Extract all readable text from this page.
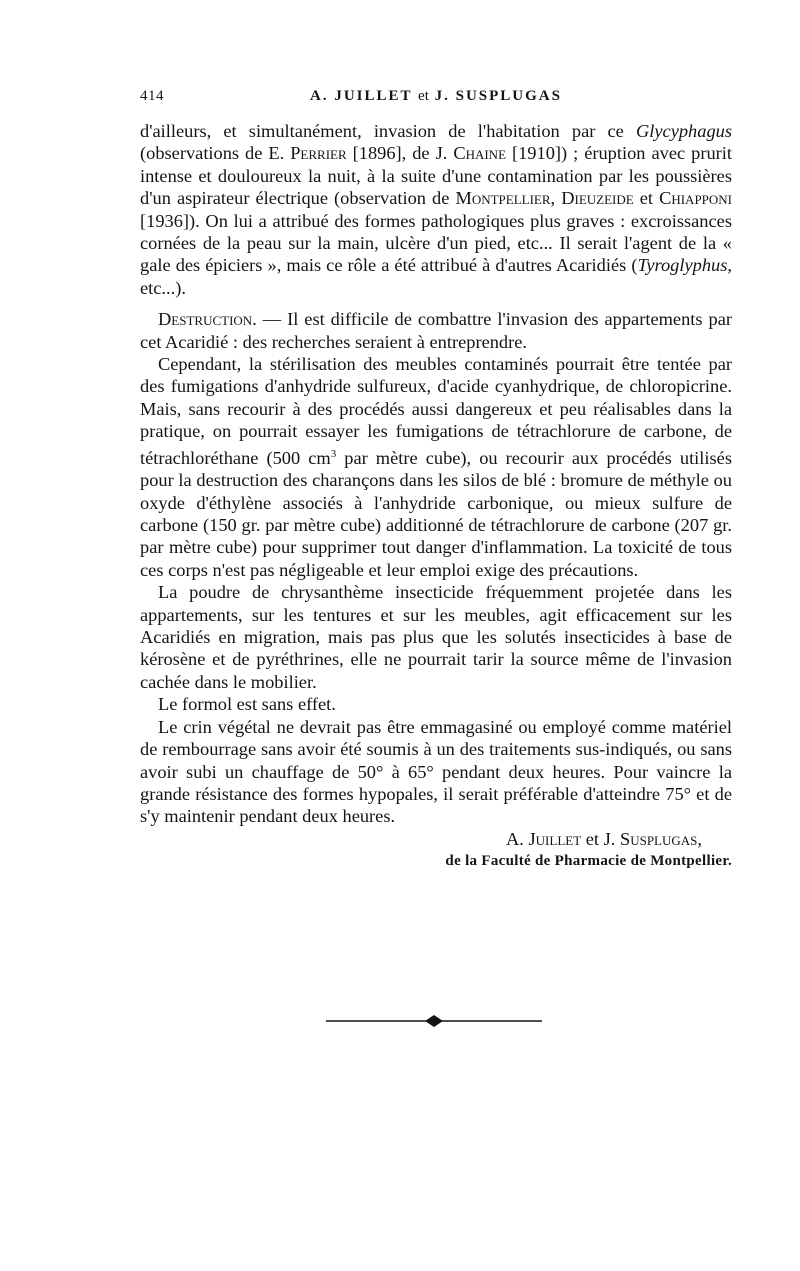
414	A. JUILLET et J. SUSPLUGAS

d'ailleurs, et simultanément, invasion de l'habitation par ce Glycyphagus (observations de E. Perrier [1896], de J. Chaine [1910]) ; éruption avec prurit intense et douloureux la nuit, à la suite d'une contamination par les poussières d'un aspirateur électrique (observation de Montpellier, Dieuzeide et Chiapponi [1936]). On lui a attribué des formes pathologiques plus graves : excroissances cornées de la peau sur la main, ulcère d'un pied, etc... Il serait l'agent de la « gale des épiciers », mais ce rôle a été attribué à d'autres Acaridiés (Tyroglyphus, etc...).

Destruction. — Il est difficile de combattre l'invasion des appartements par cet Acaridié : des recherches seraient à entreprendre.

Cependant, la stérilisation des meubles contaminés pourrait être tentée par des fumigations d'anhydride sulfureux, d'acide cyanhydrique, de chloropicrine. Mais, sans recourir à des procédés aussi dangereux et peu réalisables dans la pratique, on pourrait essayer les fumigations de tétrachlorure de carbone, de tétrachloréthane (500 $cm^3$ par mètre cube), ou recourir aux procédés utilisés pour la destruction des charançons dans les silos de blé : bromure de méthyle ou oxyde d'éthylène associés à l'anhydride carbonique, ou mieux sulfure de carbone (150 gr. par mètre cube) additionné de tétrachlorure de carbone (207 gr. par mètre cube) pour supprimer tout danger d'inflammation. La toxicité de tous ces corps n'est pas négligeable et leur emploi exige des précautions.

La poudre de chrysanthème insecticide fréquemment projetée dans les appartements, sur les tentures et sur les meubles, agit efficacement sur les Acaridiés en migration, mais pas plus que les solutés insecticides à base de kérosène et de pyréthrines, elle ne pourrait tarir la source même de l'invasion cachée dans le mobilier.

Le formol est sans effet.

Le crin végétal ne devrait pas être emmagasiné ou employé comme matériel de rembourrage sans avoir été soumis à un des traitements sus-indiqués, ou sans avoir subi un chauffage de 50° à 65° pendant deux heures. Pour vaincre la grande résistance des formes hypopales, il serait préférable d'atteindre 75° et de s'y maintenir pendant deux heures.

A. Juillet et J. Susplugas,

de la Faculté de Pharmacie de Montpellier.
